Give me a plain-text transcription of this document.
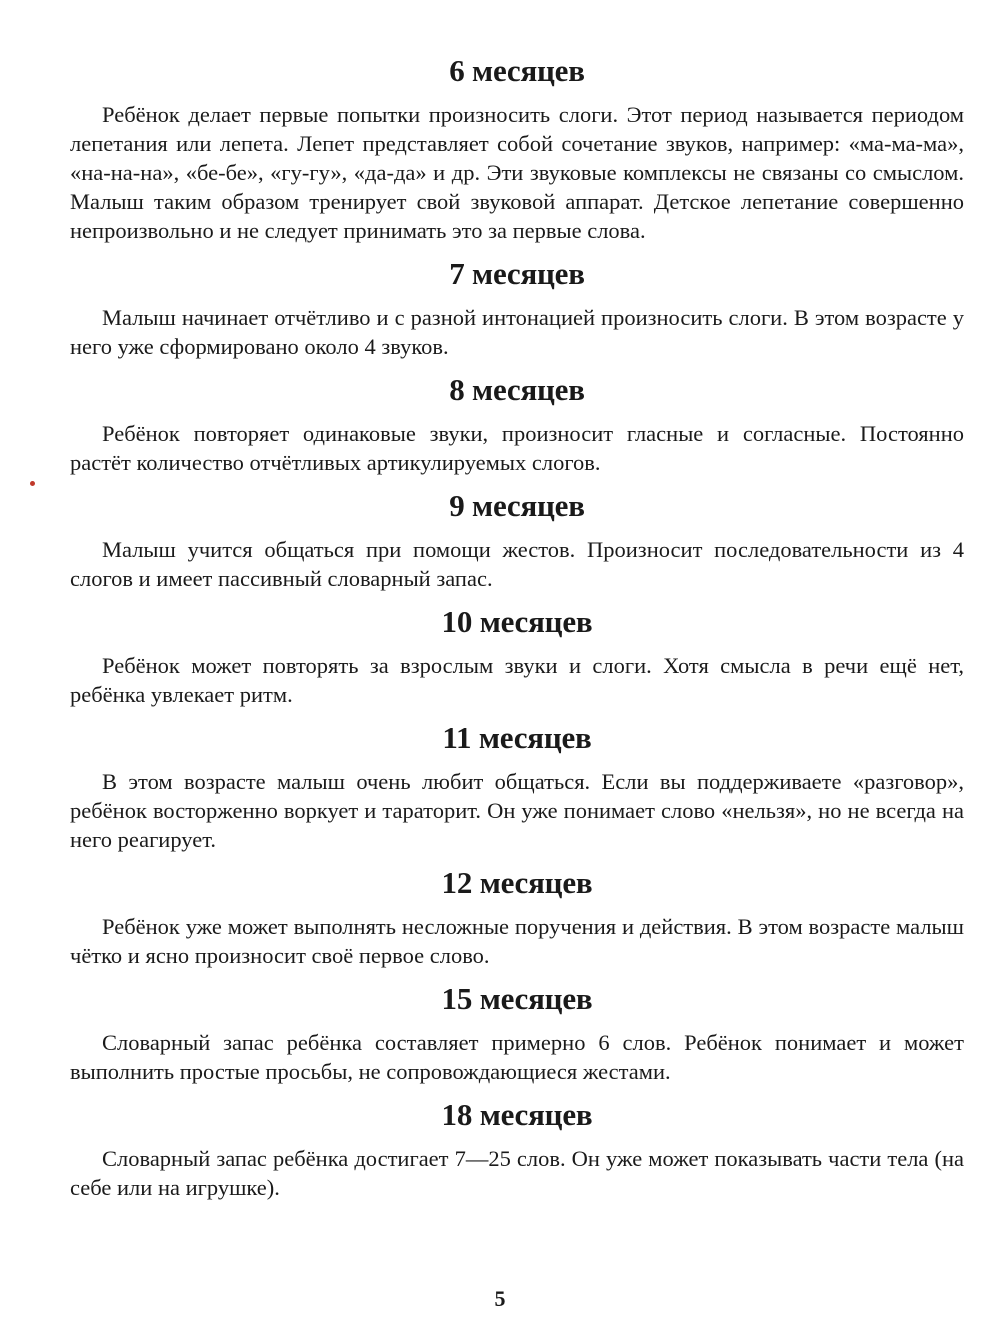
6 месяцев

Ребёнок делает первые попытки произносить слоги. Этот период называется периодом лепетания или лепета. Лепет представляет собой сочетание звуков, например: «ма-ма-ма», «на-на-на», «бе-бе», «гу-гу», «да-да» и др. Эти звуковые комплексы не связаны со смыслом. Малыш таким образом тренирует свой звуковой аппарат. Детское лепетание совершенно непроизвольно и не следует принимать это за первые слова.

7 месяцев

Малыш начинает отчётливо и с разной интонацией произносить слоги. В этом возрасте у него уже сформировано около 4 звуков.

8 месяцев

Ребёнок повторяет одинаковые звуки, произносит гласные и согласные. Постоянно растёт количество отчётливых артикулируемых слогов.

9 месяцев

Малыш учится общаться при помощи жестов. Произносит последовательности из 4 слогов и имеет пассивный словарный запас.

10 месяцев

Ребёнок может повторять за взрослым звуки и слоги. Хотя смысла в речи ещё нет, ребёнка увлекает ритм.

11 месяцев

В этом возрасте малыш очень любит общаться. Если вы поддерживаете «разговор», ребёнок восторженно воркует и тараторит. Он уже понимает слово «нельзя», но не всегда на него реагирует.

12 месяцев

Ребёнок уже может выполнять несложные поручения и действия. В этом возрасте малыш чётко и ясно произносит своё первое слово.

15 месяцев

Словарный запас ребёнка составляет примерно 6 слов. Ребёнок понимает и может выполнить простые просьбы, не сопровождающиеся жестами.

18 месяцев

Словарный запас ребёнка достигает 7—25 слов. Он уже может показывать части тела (на себе или на игрушке).

5
